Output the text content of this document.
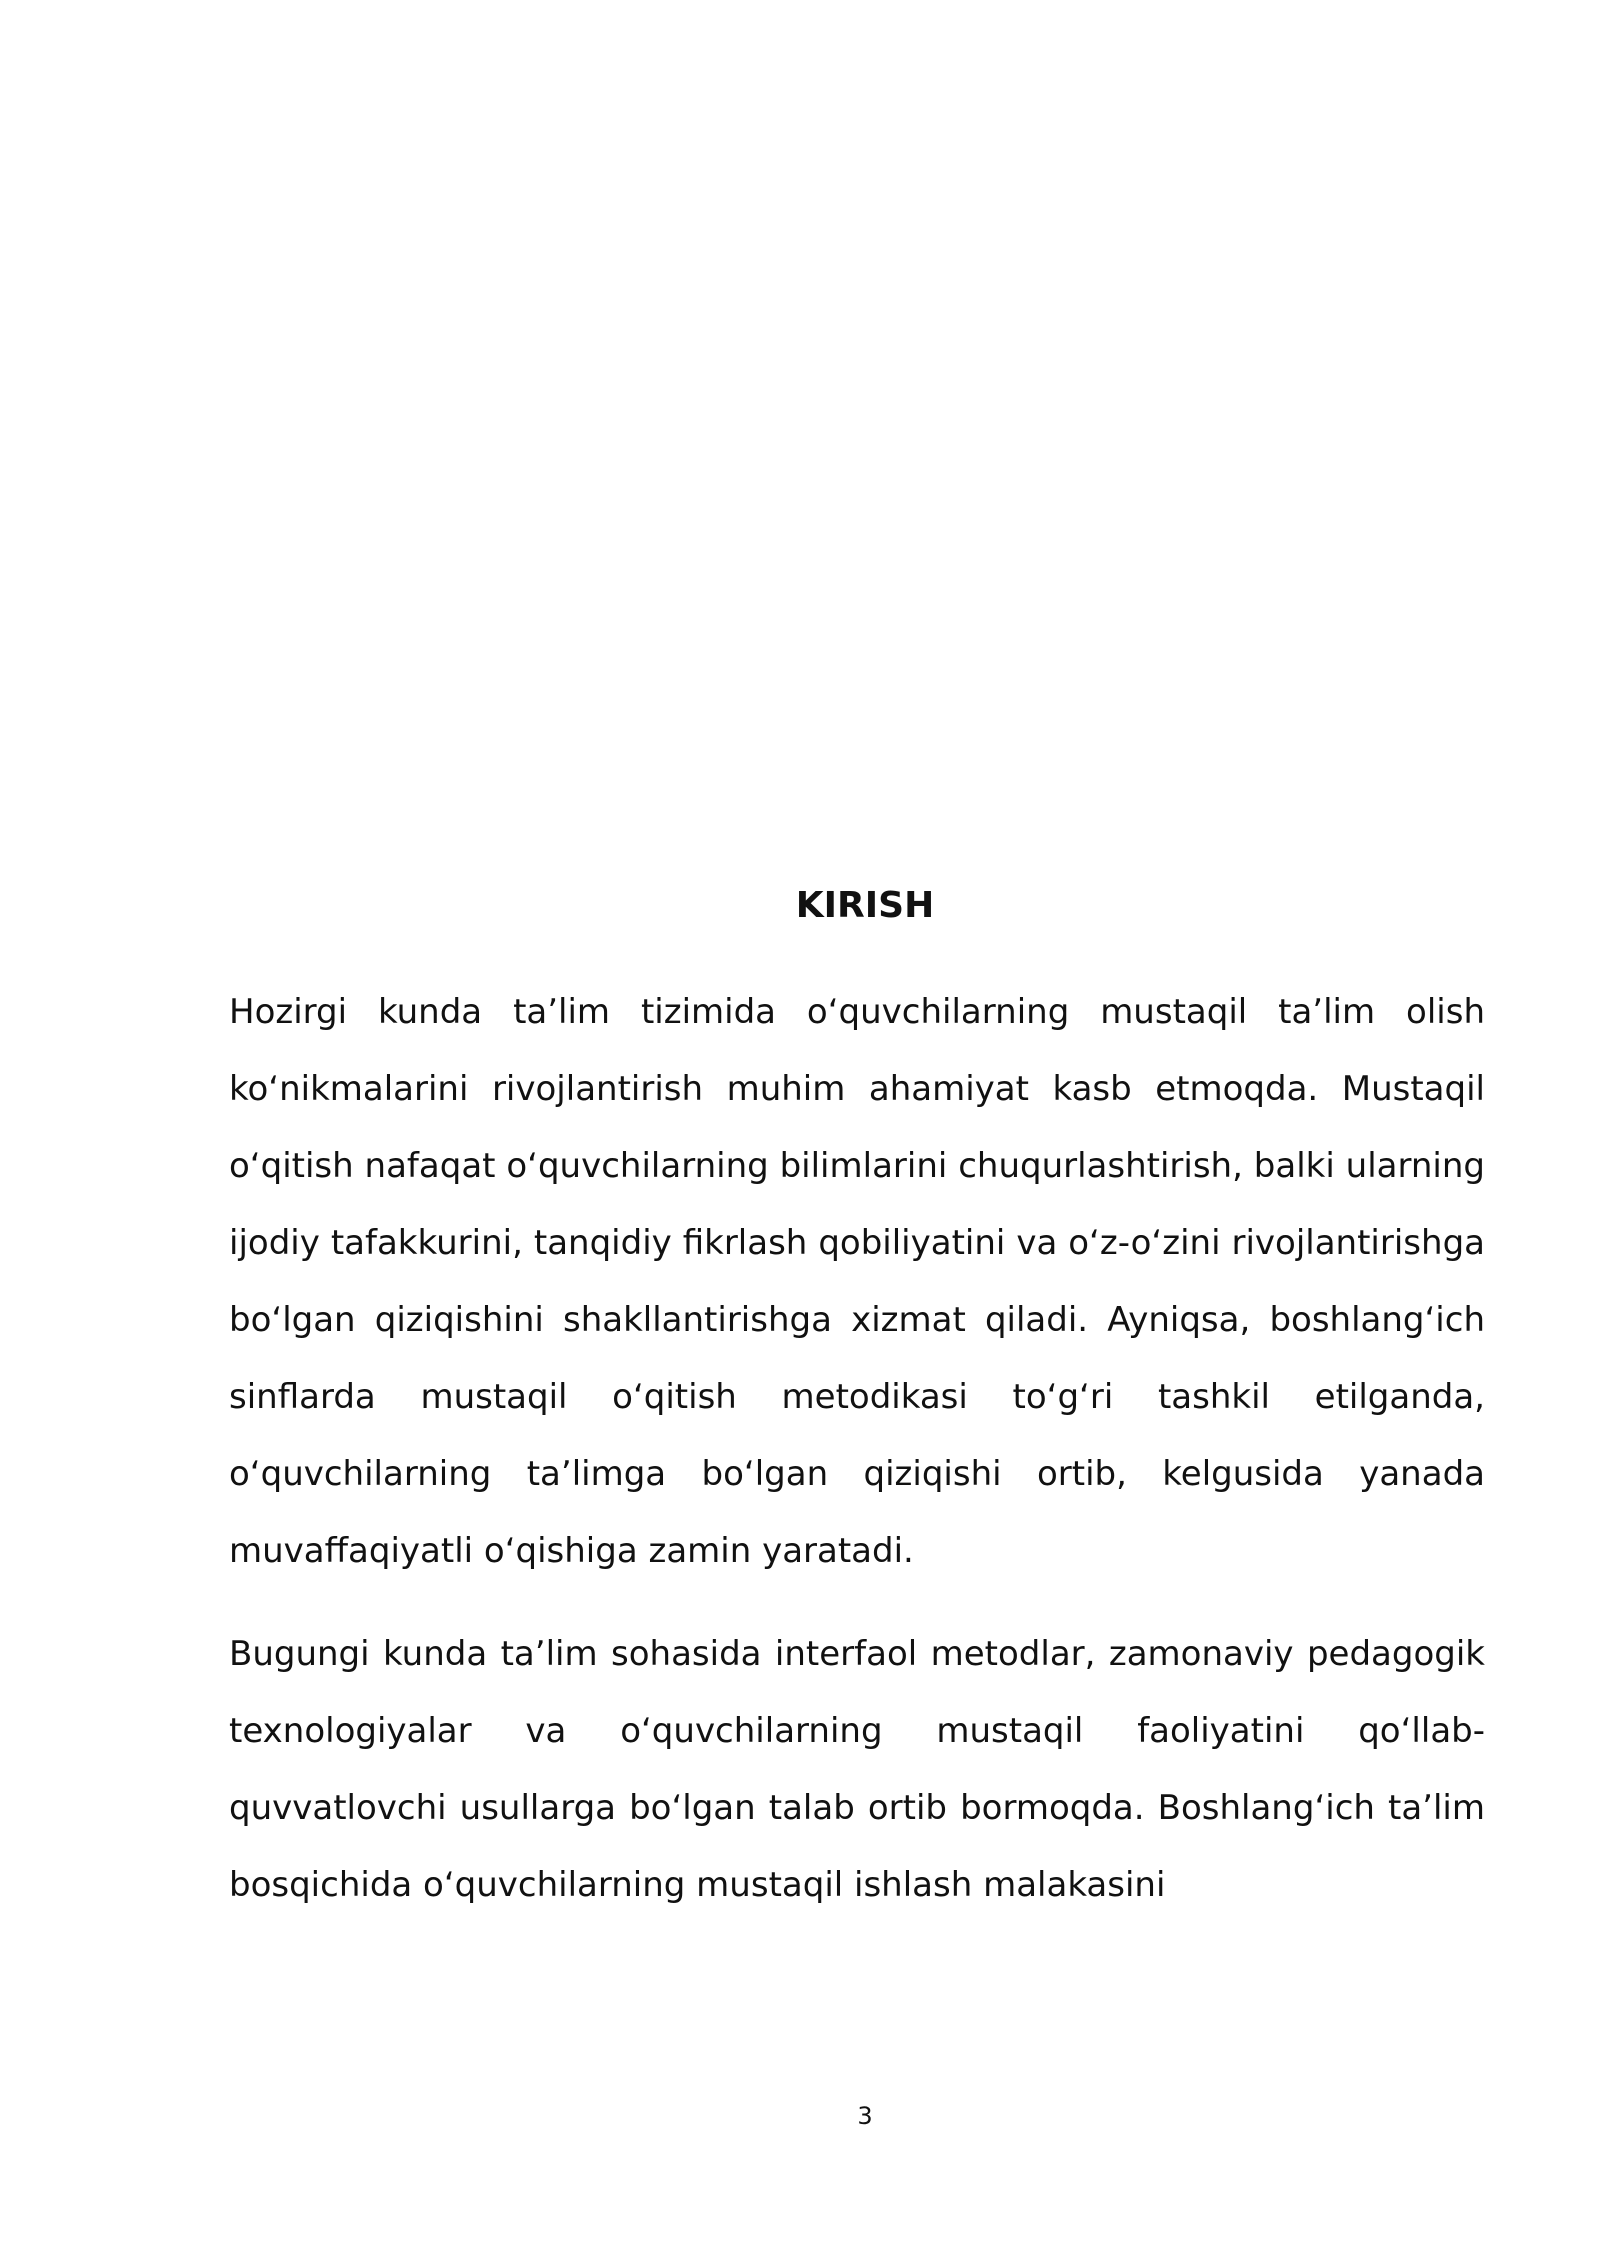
KIRISH

Hozirgi kunda ta’lim tizimida o‘quvchilarning mustaqil ta’lim olish ko‘nikmalarini rivojlantirish muhim ahamiyat kasb etmoqda. Mustaqil o‘qitish nafaqat o‘quvchilarning bilimlarini chuqurlashtirish, balki ularning ijodiy tafakkurini, tanqidiy fikrlash qobiliyatini va o‘z-o‘zini rivojlantirishga bo‘lgan qiziqishini shakllantirishga xizmat qiladi. Ayniqsa, boshlang‘ich sinflarda mustaqil o‘qitish metodikasi to‘g‘ri tashkil etilganda, o‘quvchilarning ta’limga bo‘lgan qiziqishi ortib, kelgusida yanada muvaffaqiyatli o‘qishiga zamin yaratadi.

Bugungi kunda ta’lim sohasida interfaol metodlar, zamonaviy pedagogik texnologiyalar va o‘quvchilarning mustaqil faoliyatini qo‘llab-quvvatlovchi usullarga bo‘lgan talab ortib bormoqda. Boshlang‘ich ta’lim bosqichida o‘quvchilarning mustaqil ishlash malakasini

3
